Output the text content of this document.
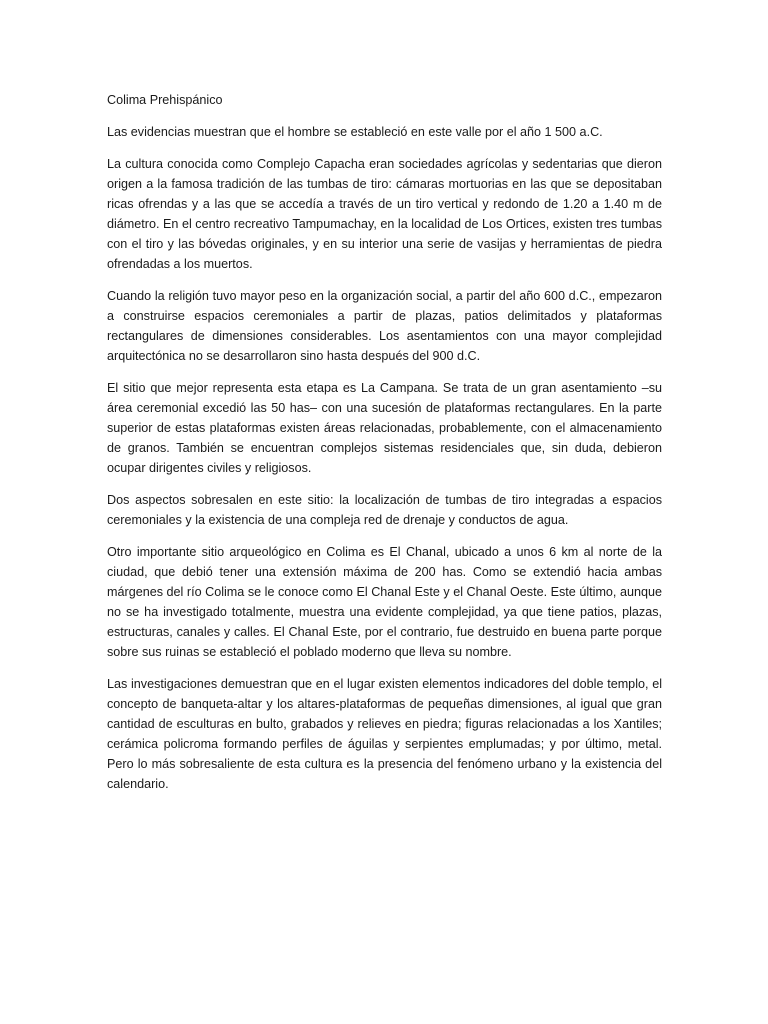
Colima Prehispánico

Las evidencias muestran que el hombre se estableció en este valle por el año 1 500 a.C.

La cultura conocida como Complejo Capacha eran sociedades agrícolas y sedentarias que dieron origen a la famosa tradición de las tumbas de tiro: cámaras mortuorias en las que se depositaban ricas ofrendas y a las que se accedía a través de un tiro vertical y redondo de 1.20 a 1.40 m de diámetro. En el centro recreativo Tampumachay, en la localidad de Los Ortices, existen tres tumbas con el tiro y las bóvedas originales, y en su interior una serie de vasijas y herramientas de piedra ofrendadas a los muertos.

Cuando la religión tuvo mayor peso en la organización social, a partir del año 600 d.C., empezaron a construirse espacios ceremoniales a partir de plazas, patios delimitados y plataformas rectangulares de dimensiones considerables. Los asentamientos con una mayor complejidad arquitectónica no se desarrollaron sino hasta después del 900 d.C.

El sitio que mejor representa esta etapa es La Campana. Se trata de un gran asentamiento –su área ceremonial excedió las 50 has– con una sucesión de plataformas rectangulares. En la parte superior de estas plataformas existen áreas relacionadas, probablemente, con el almacenamiento de granos. También se encuentran complejos sistemas residenciales que, sin duda, debieron ocupar dirigentes civiles y religiosos.

Dos aspectos sobresalen en este sitio: la localización de tumbas de tiro integradas a espacios ceremoniales y la existencia de una compleja red de drenaje y conductos de agua.

Otro importante sitio arqueológico en Colima es El Chanal, ubicado a unos 6 km al norte de la ciudad, que debió tener una extensión máxima de 200 has. Como se extendió hacia ambas márgenes del río Colima se le conoce como El Chanal Este y el Chanal Oeste. Este último, aunque no se ha investigado totalmente, muestra una evidente complejidad, ya que tiene patios, plazas, estructuras, canales y calles. El Chanal Este, por el contrario, fue destruido en buena parte porque sobre sus ruinas se estableció el poblado moderno que lleva su nombre.

Las investigaciones demuestran que en el lugar existen elementos indicadores del doble templo, el concepto de banqueta-altar y los altares-plataformas de pequeñas dimensiones, al igual que gran cantidad de esculturas en bulto, grabados y relieves en piedra; figuras relacionadas a los Xantiles; cerámica policroma formando perfiles de águilas y serpientes emplumadas; y por último, metal. Pero lo más sobresaliente de esta cultura es la presencia del fenómeno urbano y la existencia del calendario.
